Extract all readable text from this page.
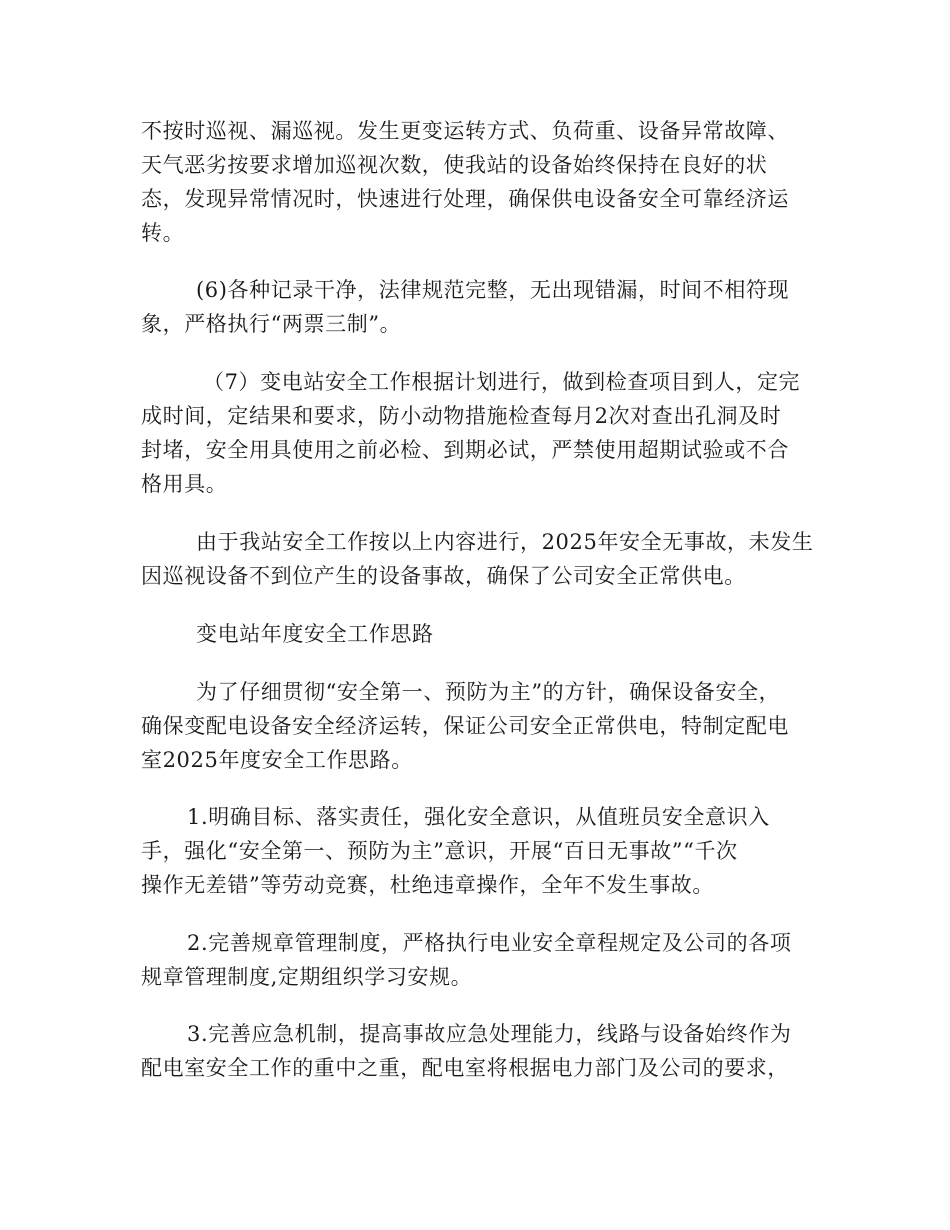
不按时巡视、漏巡视。发生更变运转方式、负荷重、设备异常故障、
天气恶劣按要求增加巡视次数，使我站的设备始终保持在良好的状
态，发现异常情况时，快速进行处理，确保供电设备安全可靠经济运
转。
(6)各种记录干净，法律规范完整，无出现错漏，时间不相符现
象，严格执行“两票三制”。
（7）变电站安全工作根据计划进行，做到检查项目到人，定完
成时间，定结果和要求，防小动物措施检查每月2次对查出孔洞及时
封堵，安全用具使用之前必检、到期必试，严禁使用超期试验或不合
格用具。
由于我站安全工作按以上内容进行，2025年安全无事故，未发生
因巡视设备不到位产生的设备事故，确保了公司安全正常供电。
变电站年度安全工作思路
为了仔细贯彻“安全第一、预防为主”的方针，确保设备安全，
确保变配电设备安全经济运转，保证公司安全正常供电，特制定配电
室2025年度安全工作思路。
1.明确目标、落实责任，强化安全意识，从值班员安全意识入
手，强化“安全第一、预防为主”意识，开展“百日无事故”“千次
操作无差错”等劳动竞赛，杜绝违章操作，全年不发生事故。
2.完善规章管理制度，严格执行电业安全章程规定及公司的各项
规章管理制度,定期组织学习安规。
3.完善应急机制，提高事故应急处理能力，线路与设备始终作为
配电室安全工作的重中之重，配电室将根据电力部门及公司的要求，
